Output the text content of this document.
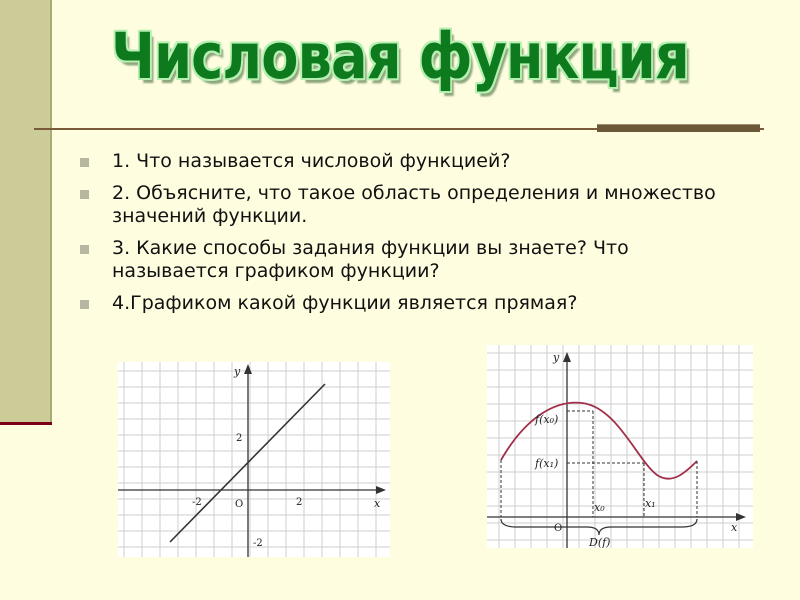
Числовая функция
1. Что называется числовой функцией?
2. Объясните, что такое область определения и множество значений функции.
3. Какие способы задания функции вы знаете? Что называется графиком функции?
4.Графиком какой функции является прямая?
x
y
O
-2	2
2
-2
x
y
O
f(x₀)
f(x₁)
x₀	x₁
D(f)
